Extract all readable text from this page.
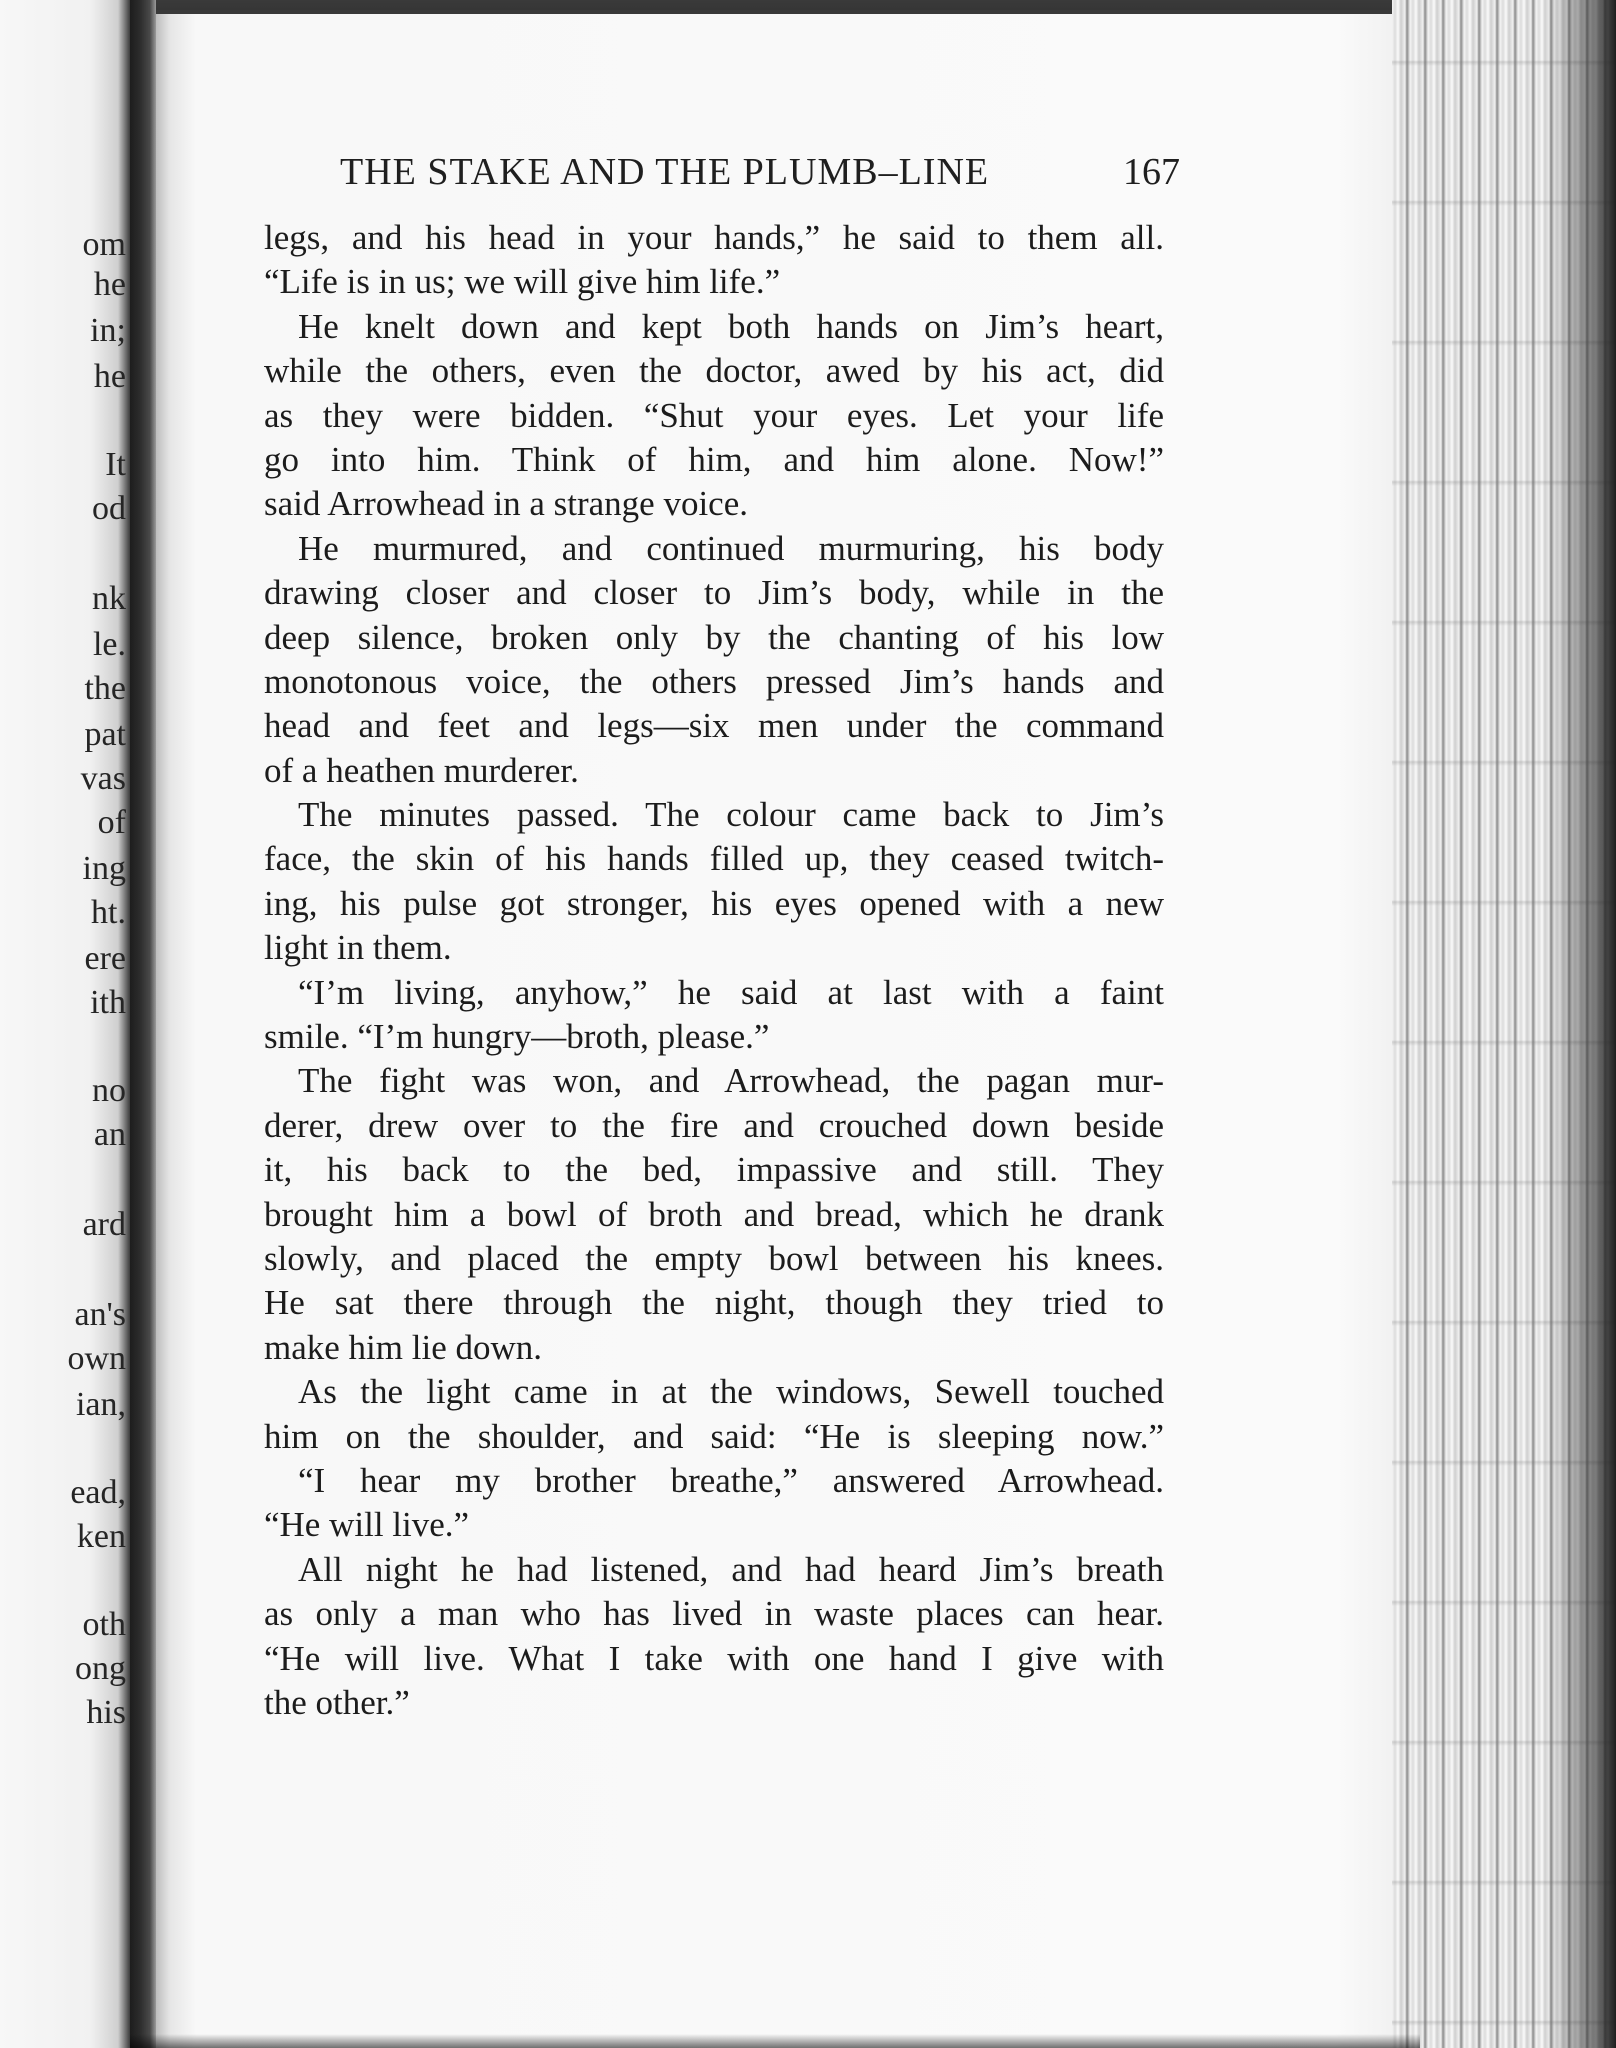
om
he
in;
he
It
od
nk
le.
the
pat
vas
of
ing
ht.
ere
ith
no
an
ard
an's
own
ian,
ead,
ken
oth
ong
his
THE STAKE AND THE PLUMB–LINE	167
legs, and his head in your hands,” he said to them all.
“Life is in us; we will give him life.”
He knelt down and kept both hands on Jim’s heart,
while the others, even the doctor, awed by his act, did
as they were bidden. “Shut your eyes. Let your life
go into him. Think of him, and him alone. Now!”
said Arrowhead in a strange voice.
He murmured, and continued murmuring, his body
drawing closer and closer to Jim’s body, while in the
deep silence, broken only by the chanting of his low
monotonous voice, the others pressed Jim’s hands and
head and feet and legs—six men under the command
of a heathen murderer.
The minutes passed. The colour came back to Jim’s
face, the skin of his hands filled up, they ceased twitch-
ing, his pulse got stronger, his eyes opened with a new
light in them.
“I’m living, anyhow,” he said at last with a faint
smile. “I’m hungry—broth, please.”
The fight was won, and Arrowhead, the pagan mur-
derer, drew over to the fire and crouched down beside
it, his back to the bed, impassive and still. They
brought him a bowl of broth and bread, which he drank
slowly, and placed the empty bowl between his knees.
He sat there through the night, though they tried to
make him lie down.
As the light came in at the windows, Sewell touched
him on the shoulder, and said: “He is sleeping now.”
“I hear my brother breathe,” answered Arrowhead.
“He will live.”
All night he had listened, and had heard Jim’s breath
as only a man who has lived in waste places can hear.
“He will live. What I take with one hand I give with
the other.”
